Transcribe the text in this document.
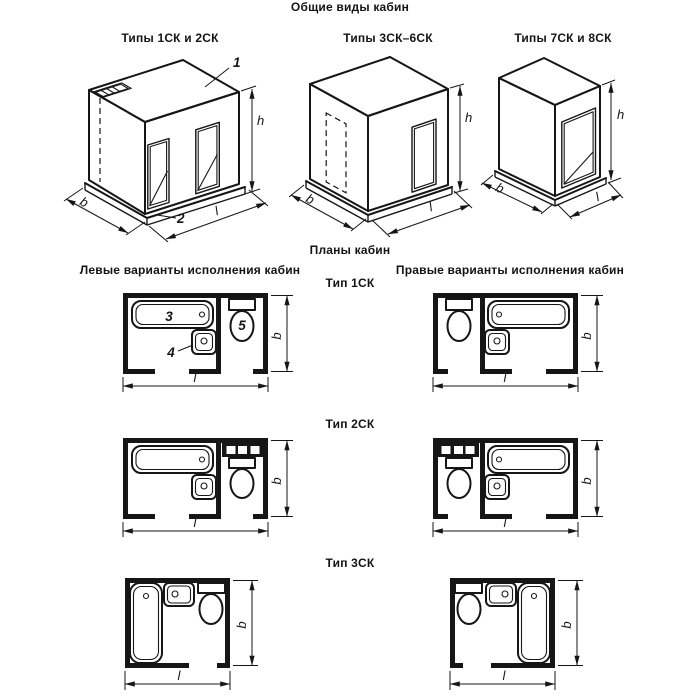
Общие виды кабин
Типы 1СК и 2СК	Типы 3СК–6СК	Типы 7СК и 8СК
Планы кабин
Левые варианты исполнения кабин	Правые варианты исполнения кабин
Тип 1СК
Тип 2СК
Тип 3СК
1
2
h
b
l
h
b	l
h
b
l
3
4
5
l
b
l
b
l
b
l
b
l
b
l
b
